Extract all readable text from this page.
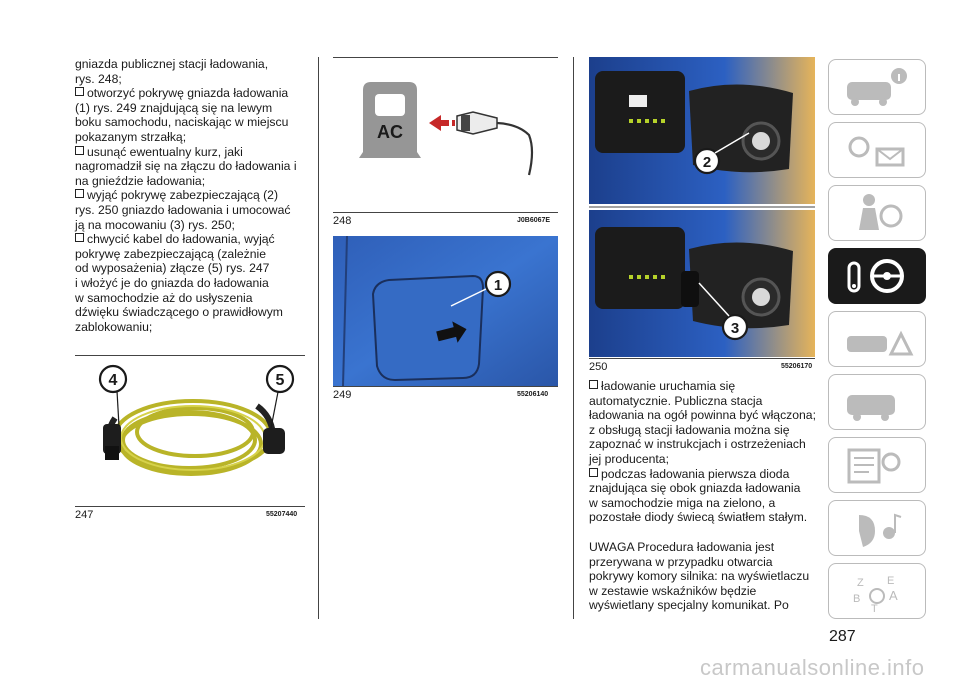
gniazda publicznej stacji ładowania,
rys. 248;
otworzyć pokrywę gniazda ładowania
(1) rys. 249 znajdującą się na lewym
boku samochodu, naciskając w miejscu
pokazanym strzałką;
usunąć ewentualny kurz, jaki
nagromadził się na złączu do ładowania i
na gnieździe ładowania;
wyjąć pokrywę zabezpieczającą (2)
rys. 250 gniazdo ładowania i umocować
ją na mocowaniu (3) rys. 250;
chwycić kabel do ładowania, wyjąć
pokrywę zabezpieczającą (zależnie
od wyposażenia) złącze (5) rys. 247
i włożyć je do gniazda do ładowania
w samochodzie aż do usłyszenia
dźwięku świadczącego o prawidłowym
zablokowaniu;
4	5
247	55207440
AC
248	J0B6067E
1
249	55206140
2
3
250	55206170
ładowanie uruchamia się
automatycznie. Publiczna stacja
ładowania na ogół powinna być włączona;
z obsługą stacji ładowania można się
zapoznać w instrukcjach i ostrzeżeniach
jej producenta;
podczas ładowania pierwsza dioda
znajdująca się obok gniazda ładowania
w samochodzie miga na zielono, a
pozostałe diody świecą światłem stałym.
UWAGA Procedura ładowania jest
przerywana w przypadku otwarcia
pokrywy komory silnika: na wyświetlaczu
w zestawie wskaźników będzie
wyświetlany specjalny komunikat. Po
Z E
B A
T
287
carmanualsonline.info
